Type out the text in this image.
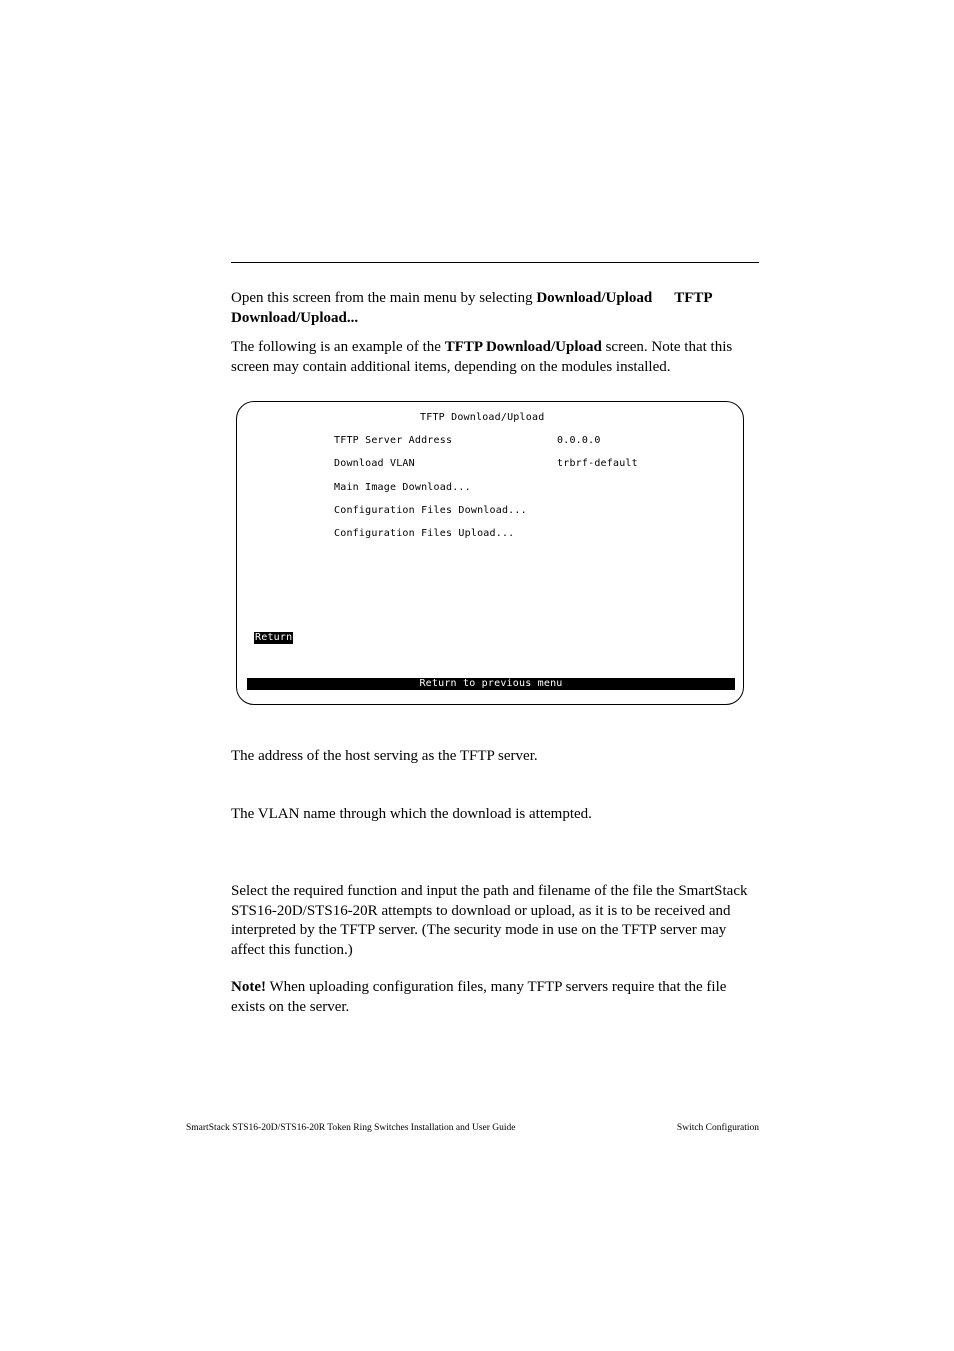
Open this screen from the main menu by selecting Download/Upload TFTP Download/Upload...

The following is an example of the TFTP Download/Upload screen. Note that this screen may contain additional items, depending on the modules installed.

TFTP Download/Upload
TFTP Server Address	0.0.0.0
Download VLAN	trbrf-default
Main Image Download...
Configuration Files Download...
Configuration Files Upload...
Return
Return to previous menu

The address of the host serving as the TFTP server.

The VLAN name through which the download is attempted.

Select the required function and input the path and filename of the file the SmartStack STS16-20D/STS16-20R attempts to download or upload, as it is to be received and interpreted by the TFTP server. (The security mode in use on the TFTP server may affect this function.)

Note! When uploading configuration files, many TFTP servers require that the file exists on the server.

SmartStack STS16-20D/STS16-20R Token Ring Switches Installation and User Guide	Switch Configuration
